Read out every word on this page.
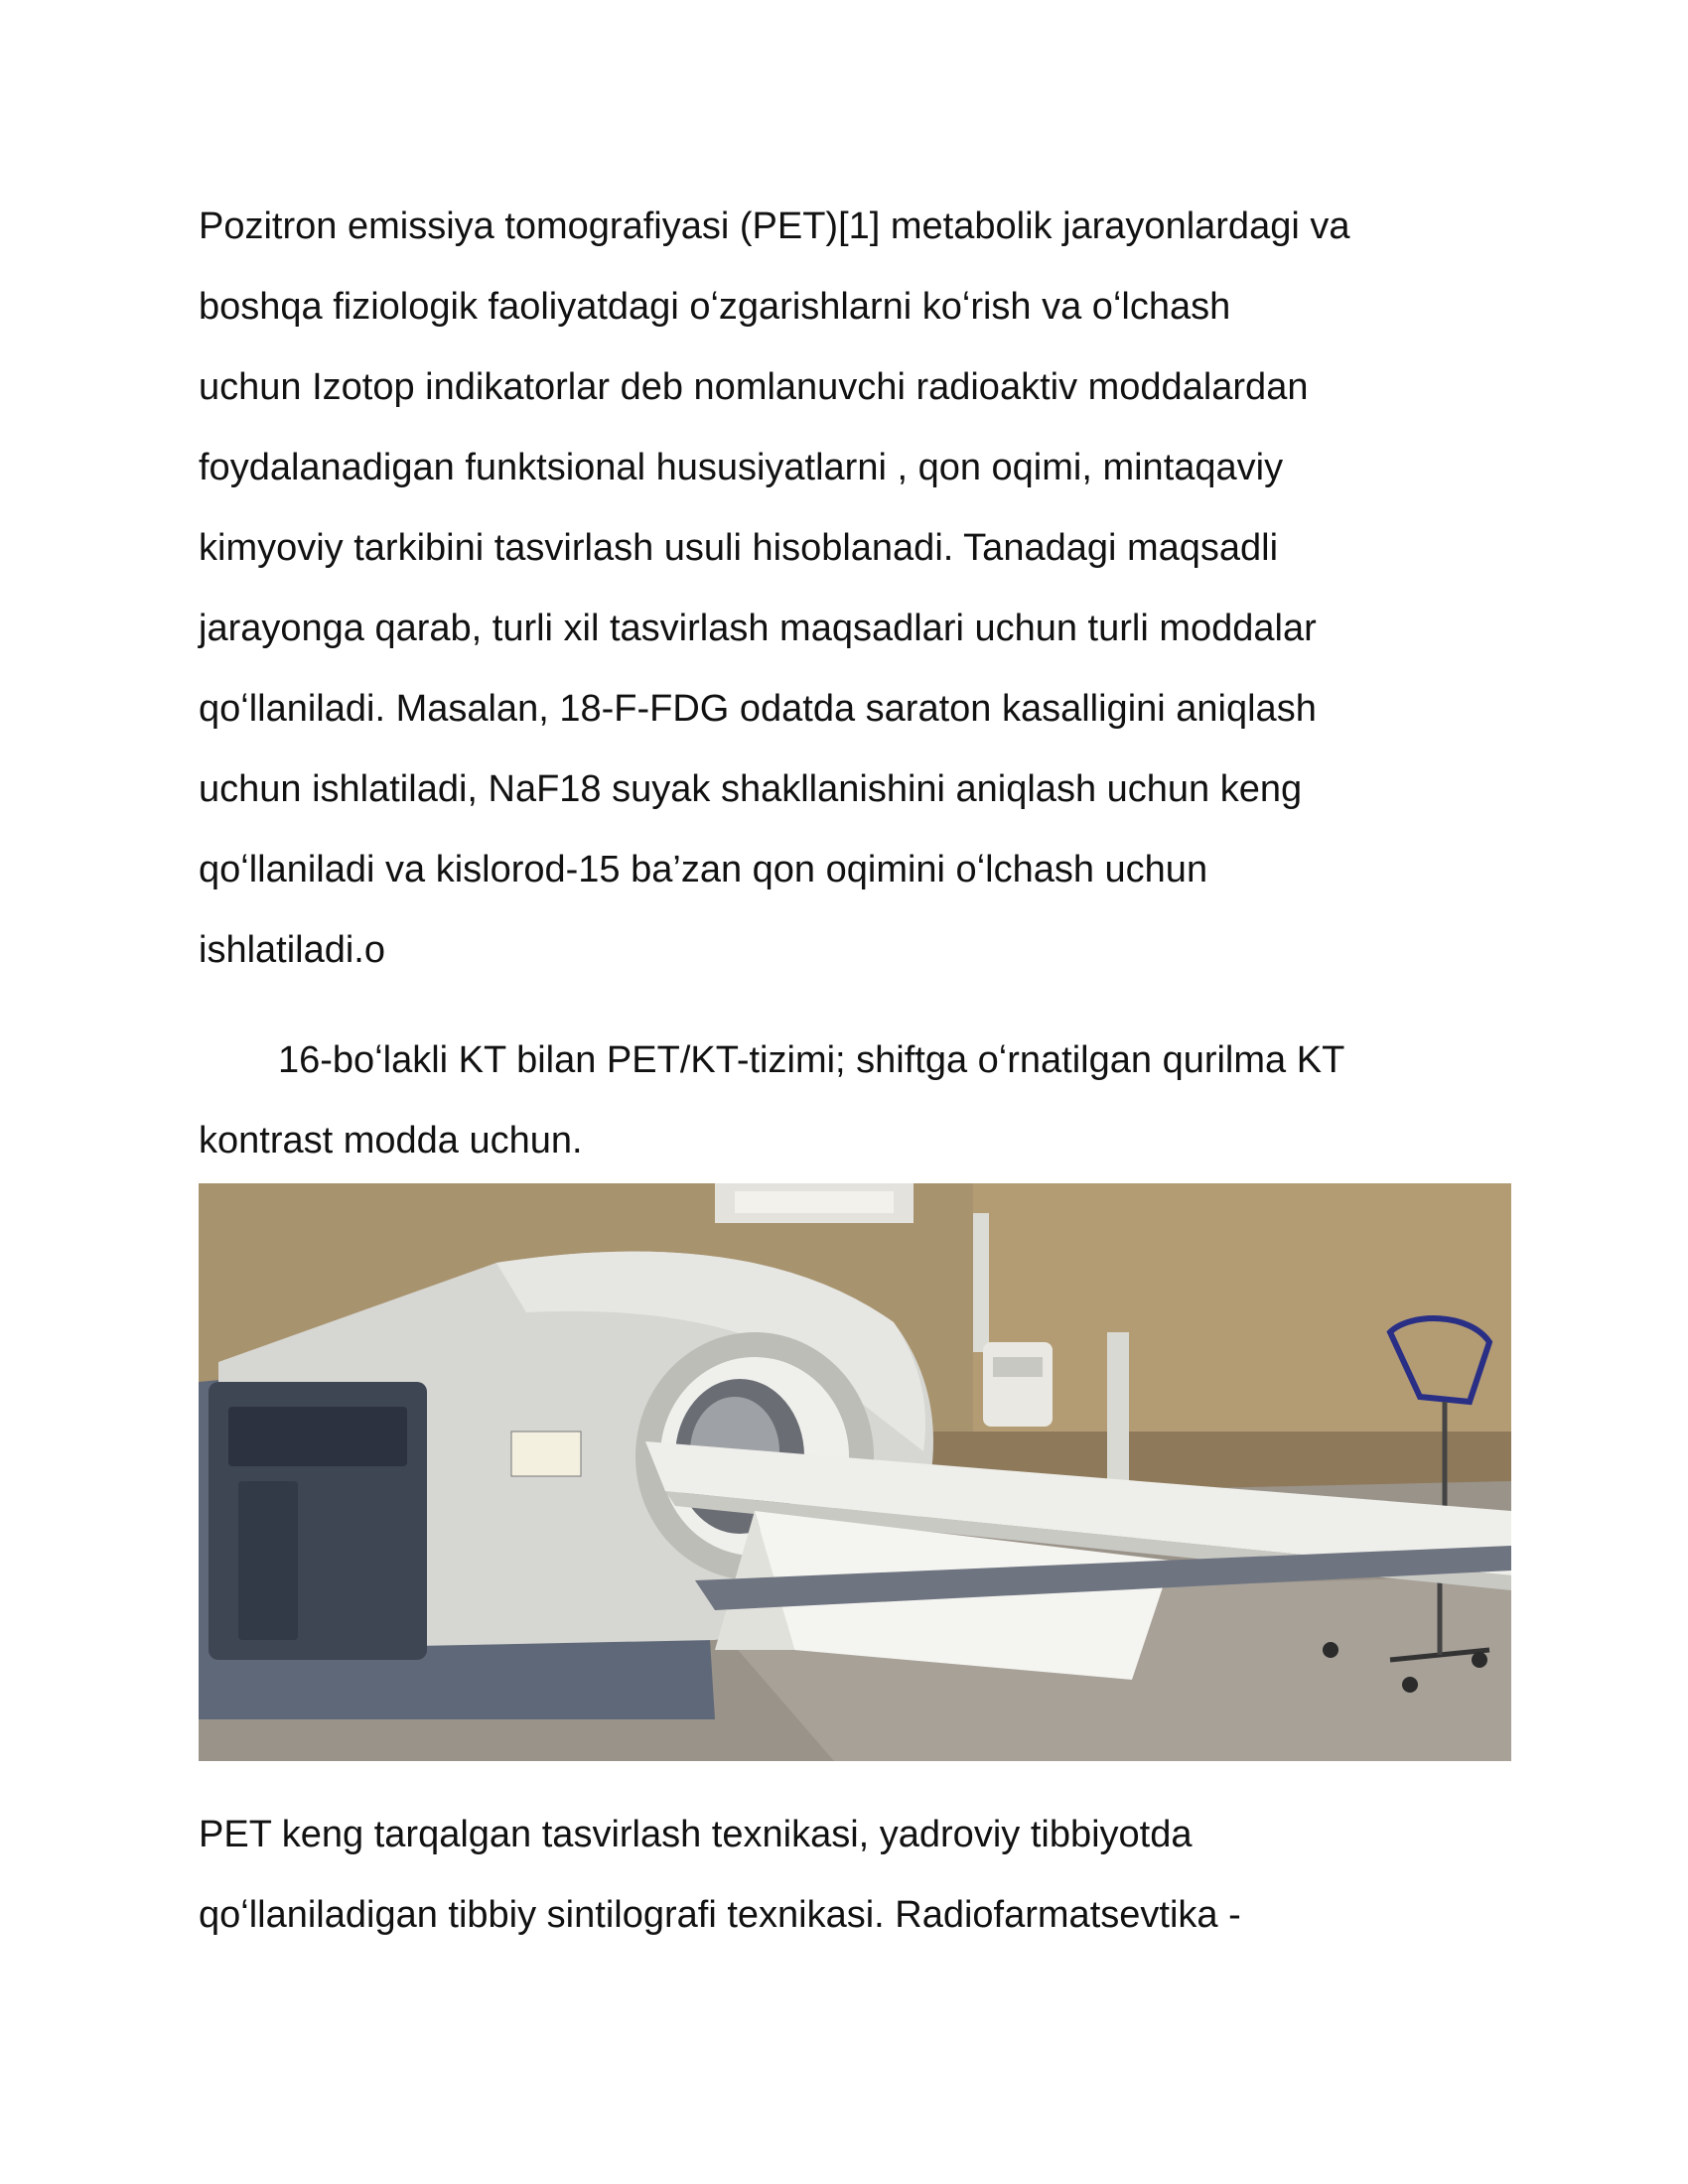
Pozitron emissiya tomografiyasi (PET)[1] metabolik jarayonlardagi va
boshqa fiziologik faoliyatdagi oʻzgarishlarni koʻrish va oʻlchash
uchun Izotop indikatorlar deb nomlanuvchi radioaktiv moddalardan
foydalanadigan funktsional hususiyatlarni , qon oqimi, mintaqaviy
kimyoviy tarkibini tasvirlash usuli hisoblanadi. Tanadagi maqsadli
jarayonga qarab, turli xil tasvirlash maqsadlari uchun turli moddalar
qoʻllaniladi. Masalan, 18-F-FDG odatda saraton kasalligini aniqlash
uchun ishlatiladi, NaF18 suyak shakllanishini aniqlash uchun keng
qoʻllaniladi va kislorod-15 ba’zan qon oqimini oʻlchash uchun
ishlatiladi.o
16-boʻlakli KT bilan PET/KT-tizimi; shiftga oʻrnatilgan qurilma KT
kontrast modda uchun.
PET keng tarqalgan tasvirlash texnikasi, yadroviy tibbiyotda
qoʻllaniladigan tibbiy sintilografi texnikasi. Radiofarmatsevtika -
